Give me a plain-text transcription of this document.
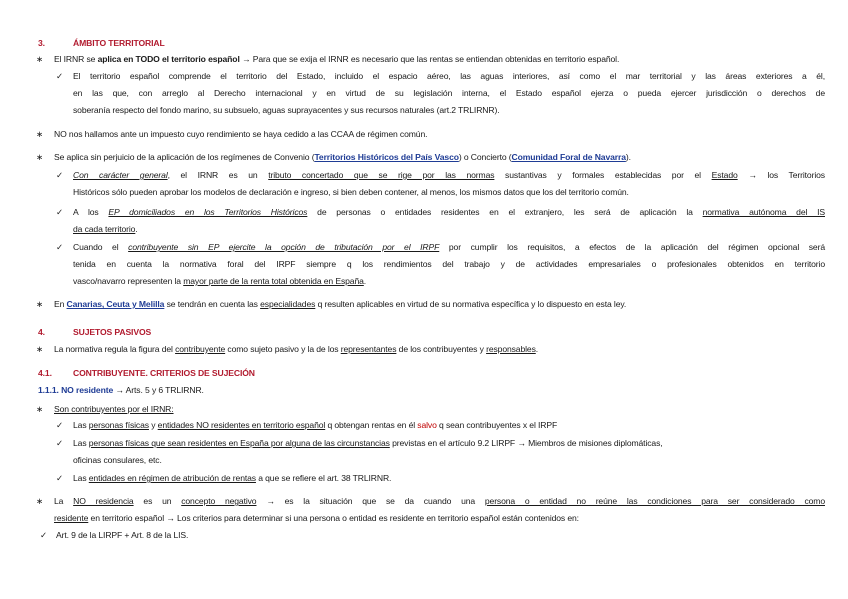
3.	ÁMBITO TERRITORIAL
∗ El IRNR se aplica en TODO el territorio español → Para que se exija el IRNR es necesario que las rentas se entiendan obtenidas en territorio español.
✓ El territorio español comprende el territorio del Estado, incluido el espacio aéreo, las aguas interiores, así como el mar territorial y las áreas exteriores a él,
en las que, con arreglo al Derecho internacional y en virtud de su legislación interna, el Estado español ejerza o pueda ejercer jurisdicción o derechos de
soberanía respecto del fondo marino, su subsuelo, aguas suprayacentes y sus recursos naturales (art.2 TRLIRNR).
∗ NO nos hallamos ante un impuesto cuyo rendimiento se haya cedido a las CCAA de régimen común.
∗ Se aplica sin perjuicio de la aplicación de los regímenes de Convenio (Territorios Históricos del País Vasco) o Concierto (Comunidad Foral de Navarra).
✓ Con carácter general, el IRNR es un tributo concertado que se rige por las normas sustantivas y formales establecidas por el Estado → los Territorios
Históricos sólo pueden aprobar los modelos de declaración e ingreso, si bien deben contener, al menos, los mismos datos que los del territorio común.
✓ A los EP domiciliados en los Territorios Históricos de personas o entidades residentes en el extranjero, les será de aplicación la normativa autónoma del IS
da cada territorio.
✓ Cuando el contribuyente sin EP ejercite la opción de tributación por el IRPF por cumplir los requisitos, a efectos de la aplicación del régimen opcional será
tenida en cuenta la normativa foral del IRPF siempre q los rendimientos del trabajo y de actividades empresariales o profesionales obtenidos en territorio
vasco/navarro representen la mayor parte de la renta total obtenida en España.
∗ En Canarias, Ceuta y Melilla se tendrán en cuenta las especialidades q resulten aplicables en virtud de su normativa específica y lo dispuesto en esta ley.
4.	SUJETOS PASIVOS
∗ La normativa regula la figura del contribuyente como sujeto pasivo y la de los representantes de los contribuyentes y responsables.
4.1. CONTRIBUYENTE. CRITERIOS DE SUJECIÓN
1.1.1. NO residente → Arts. 5 y 6 TRLIRNR.
∗ Son contribuyentes por el IRNR:
✓ Las personas físicas y entidades NO residentes en territorio español q obtengan rentas en él salvo q sean contribuyentes x el IRPF
✓ Las personas físicas que sean residentes en España por alguna de las circunstancias previstas en el artículo 9.2 LIRPF → Miembros de misiones diplomáticas,
oficinas consulares, etc.
✓ Las entidades en régimen de atribución de rentas a que se refiere el art. 38 TRLIRNR.
∗ La NO residencia es un concepto negativo → es la situación que se da cuando una persona o entidad no reúne las condiciones para ser considerado como
residente en territorio español → Los criterios para determinar si una persona o entidad es residente en territorio español están contenidos en:
✓ Art. 9 de la LIRPF + Art. 8 de la LIS.
